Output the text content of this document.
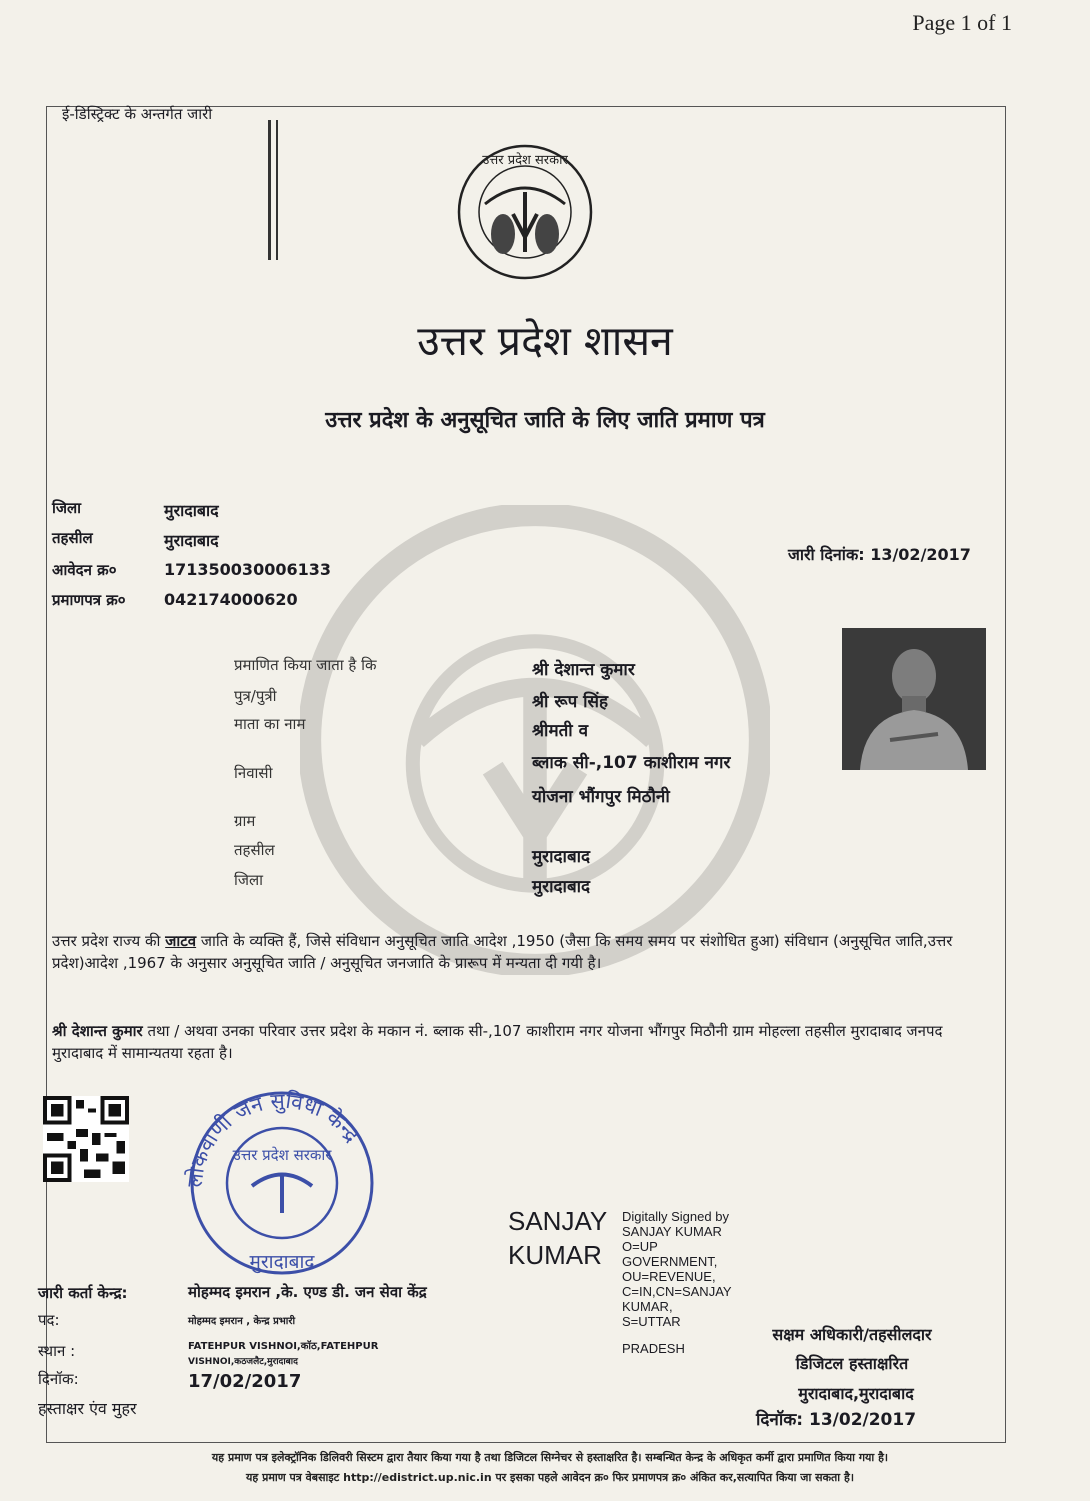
Page 1 of 1
ई-डिस्ट्रिक्ट के अन्तर्गत जारी
उत्तर प्रदेश सरकार
उत्तर प्रदेश शासन
उत्तर प्रदेश के अनुसूचित जाति के लिए जाति प्रमाण पत्र
जिला	मुरादाबाद
तहसील	मुरादाबाद
आवेदन क्र०	171350030006133
प्रमाणपत्र क्र० 042174000620
जारी दिनांक: 13/02/2017
प्रमाणित किया जाता है कि	श्री देशान्त कुमार
पुत्र/पुत्री	श्री रूप सिंह
माता का नाम	श्रीमती व
निवासी	ब्लाक सी-,107 काशीराम नगर
योजना भौंगपुर मिठौनी
ग्राम
तहसील	मुरादाबाद
जिला	मुरादाबाद
उत्तर प्रदेश राज्य की जाटव जाति के व्यक्ति हैं, जिसे संविधान अनुसूचित जाति आदेश ,1950 (जैसा कि समय समय पर संशोधित हुआ) संविधान (अनुसूचित जाति,उत्तर प्रदेश)आदेश ,1967 के अनुसार अनुसूचित जाति / अनुसूचित जनजाति के प्रारूप में मन्यता दी गयी है।
श्री देशान्त कुमार तथा / अथवा उनका परिवार उत्तर प्रदेश के मकान नं. ब्लाक सी-,107 काशीराम नगर योजना भौंगपुर मिठौनी ग्राम मोहल्ला तहसील मुरादाबाद जनपद मुरादाबाद में सामान्यतया रहता है।
लोकवाणी जन सुविधा केन्द्र
उत्तर प्रदेश सरकार
मुरादाबाद
SANJAY
KUMAR
Digitally Signed by
SANJAY KUMAR
O=UP
GOVERNMENT,
OU=REVENUE,
C=IN,CN=SANJAY
KUMAR,
S=UTTAR
PRADESH
जारी कर्ता केन्द्र:	मोहम्मद इमरान ,के. एण्ड डी. जन सेवा केंद्र
पद:	मोहम्मद इमरान , केन्द्र प्रभारी
स्थान :	FATEHPUR VISHNOI,कॉठ,FATEHPUR
VISHNOI,कठजलैट,मुरादाबाद
दिनॉक:	17/02/2017
हस्ताक्षर एंव मुहर
सक्षम अधिकारी/तहसीलदार
डिजिटल हस्ताक्षरित
मुरादाबाद,मुरादाबाद
दिनॉक: 13/02/2017
यह प्रमाण पत्र इलेक्ट्रॉनिक डिलिवरी सिस्टम द्वारा तैयार किया गया है तथा डिजिटल सिग्नेचर से हस्ताक्षरित है। सम्बन्धित केन्द्र के अधिकृत कर्मी द्वारा प्रमाणित किया गया है।
यह प्रमाण पत्र वेबसाइट http://edistrict.up.nic.in पर इसका पहले आवेदन क्र० फिर प्रमाणपत्र क्र० अंकित कर,सत्यापित किया जा सकता है।
